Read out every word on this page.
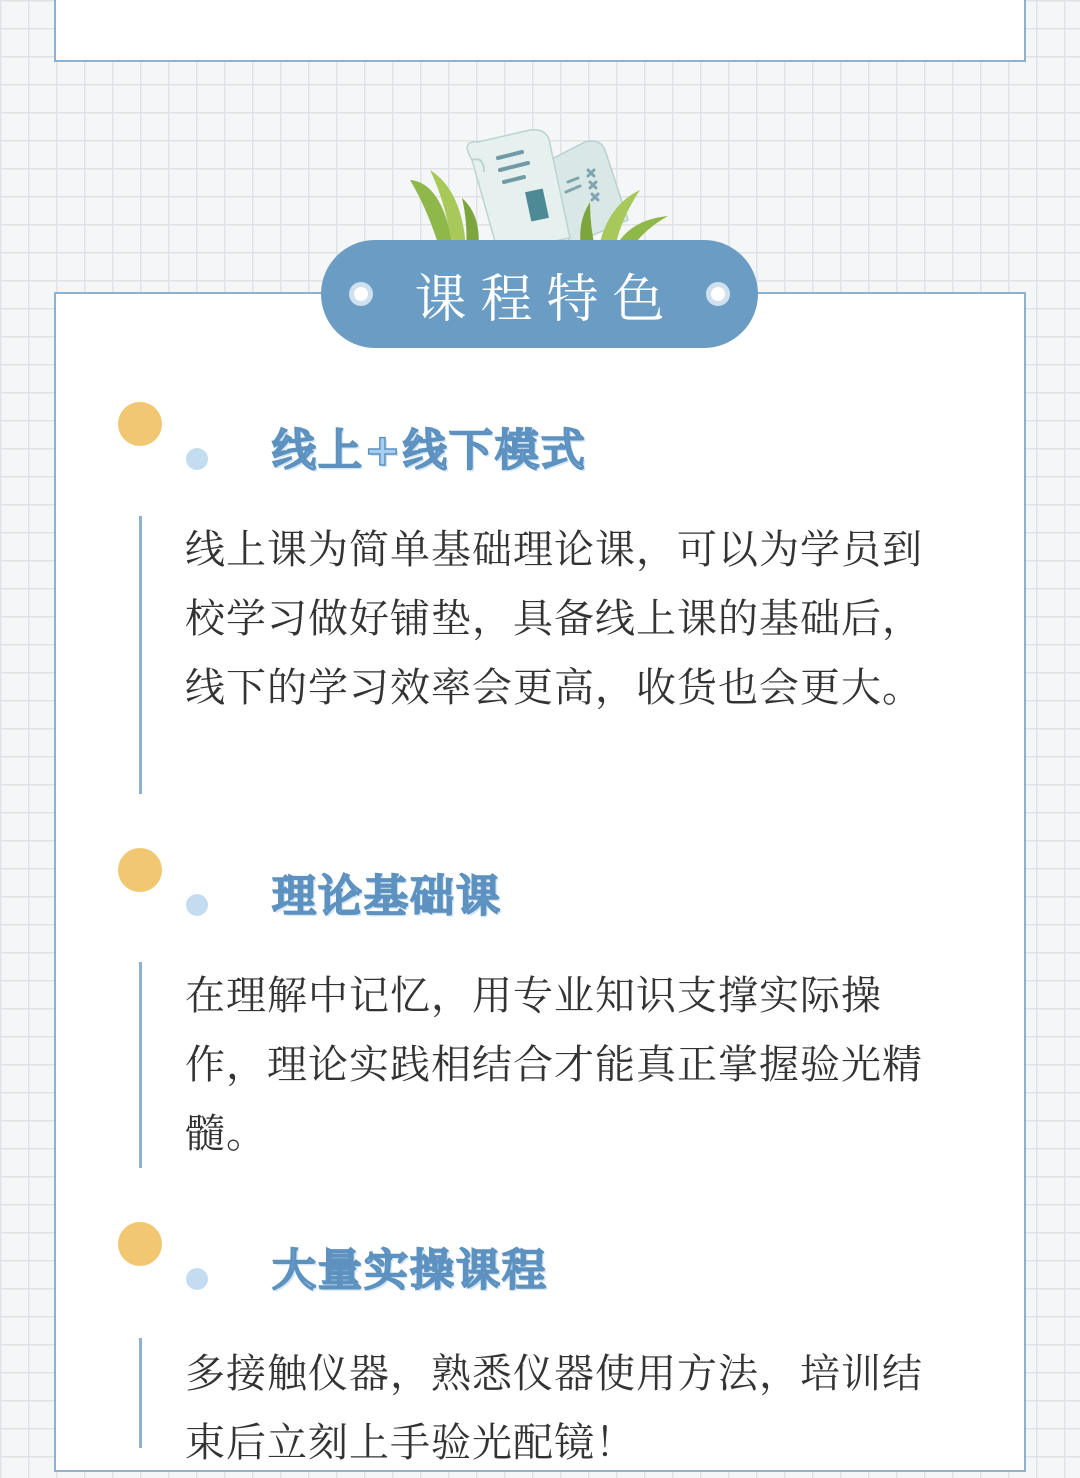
课程特色
线上+线下模式

线上课为简单基础理论课，可以为学员到校学习做好铺垫，具备线上课的基础后，线下的学习效率会更高，收货也会更大。

理论基础课

在理解中记忆，用专业知识支撑实际操作，理论实践相结合才能真正掌握验光精髓。

大量实操课程

多接触仪器，熟悉仪器使用方法，培训结束后立刻上手验光配镜！
